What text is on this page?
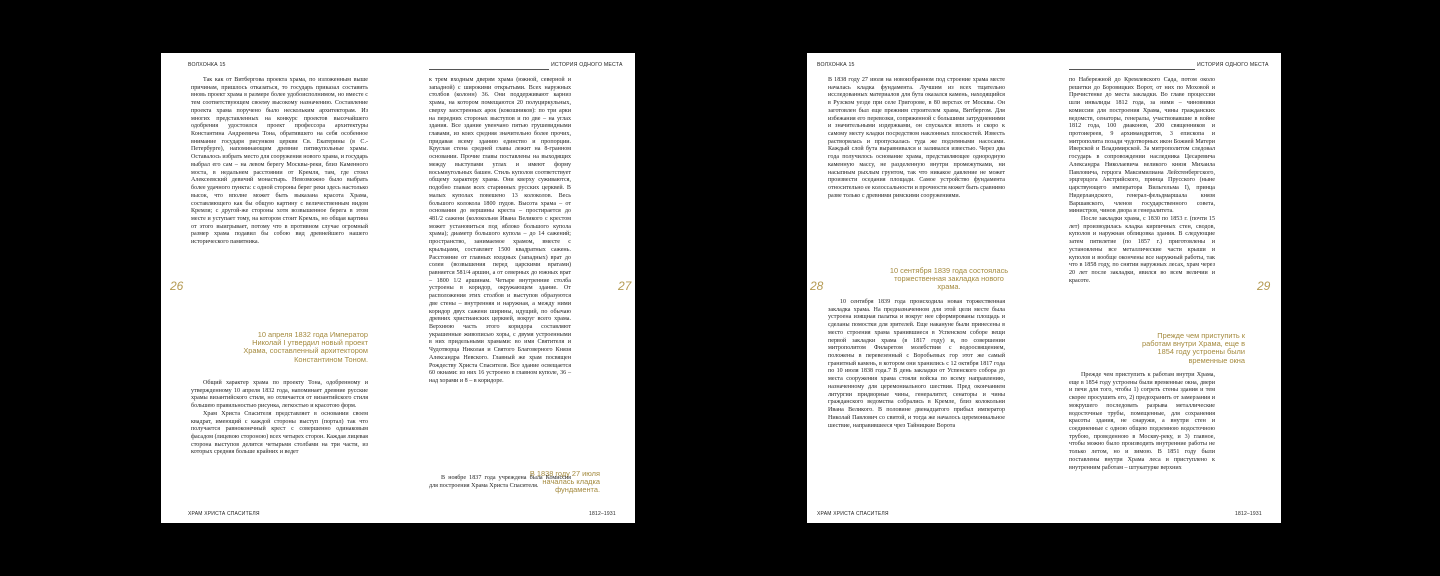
ВОЛХОНКА 15	ИСТОРИЯ ОДНОГО МЕСТА

Так как от Витбергова проекта храма, по изложенным выше причинам, пришлось отказаться, то государь приказал составить вновь проект храма в размере более удобоисполнимом, но вместе с тем соответствующем своему высокому назначению. Составление проекта храма поручено было нескольким архитекторам. Из многих представленных на конкурс проектов высочайшего одобрения удостоился проект профессора архитектуры Константина Андреевича Тона, обратившего на себя особенное внимание государя рисунком церкви Св. Екатерины (в С.-Петербурге), напоминающим древние пятикупольные храмы. Оставалось избрать место для сооружения нового храма, и государь выбрал его сам – на левом берегу Москвы-реки, близ Каменного моста, в недальнем расстоянии от Кремля, там, где стоял Алексеевский девичий монастырь. Невозможно было выбрать более удачного пункта: с одной стороны берег реки здесь настолько высок, что вполне может быть выказана красота Храма, составляющего как бы общую картину с величественным видом Кремля; с другой-же стороны хотя возвышенное берега в этом месте и уступает тому, на котором стоит Кремль, но общая картина от этого выигрывает, потому что в противном случае огромный размер храма подавил бы собою вид древнейшего нашего исторического памятника.

10 апреля 1832 года Император Николай I утвердил новый проект Храма, составленный архитектором Константином Тоном.

Общий характер храма по проекту Тона, одобренному и утвержденному 10 апреля 1832 года, напоминает древние русские храмы византийского стиля, но отличается от византийского стиля большею правильностью рисунка, легкостью и красотою форм.

Храм Христа Спасителя представляет в основании своем квадрат, имеющий с каждой стороны выступ (портал) так что получается равноконечный крест с совершенно одинаковым фасадом (лицевою стороною) всех четырех сторон. Каждая лицевая сторона выступов делится четырьмя столбами на три части, из которых средняя больше крайних и ведет

к трем входным дверям храма (южной, северной и западной) с широкими открытыми. Всех наружных столбов (колонн) 36. Они поддерживают карниз храма, на котором помещаются 20 полуциркульных, сверху заостренных арок (кокошников): по три арки на передних сторонах выступов и по две – на углах здания. Все здание увенчано пятью грушевидными главами, из коих средняя значительно более прочих, придавая всему зданию единство и пропорции. Круглая стена средней главы лежит на 8-гранном основании. Прочие главы поставлены на выходящих между выступами углах и имеют форму восьмиугольных башен. Стиль куполов соответствует общему характеру храма. Они кверху суживаются, подобно главам всех старинных русских церквей. В малых куполах повешено 13 колоколов. Весь большого колокола 1800 пудов. Высота храма – от основания до вершины креста – простирается до 481/2 сажени (колокольня Ивана Великого с крестом может установиться под яблоко большого купола храма); диаметр большого купола – до 14 сажений; пространство, занимаемое храмом, вместе с крыльцами, составляет 1500 квадратных сажень. Расстояние от главных входных (западных) врат до солеи (возвышения перед царскими вратами) равняется 581/4 аршин, а от северных до южных врат – 1800 1/2 аршинам. Четыре внутренние столба устроены в коридор, окружающем здание. От расположения этих столбов и выступов образуются две стены – внутренняя и наружная, а между ними коридор двух сажени ширины, идущий, по обычаю древних христианских церквей, вокруг всего храма. Верхнюю часть этого коридора составляют украшенные живописью хоры, с двумя устроенными в них придельными храмами: во имя Святителя и Чудотворца Николая и Святого Благоверного Князя Александра Невского. Главный же храм посвящен Рождеству Христа Спасителя. Все здание освещается 60 окнами: из них 16 устроено в главном куполе, 36 – над хорами и 8 – в коридоре.

В 1838 году 27 июля началась кладка фундамента.

В ноябре 1837 года учреждена была Комиссия для построения Храма Христа Спасителя.

26	27
ХРАМ ХРИСТА СПАСИТЕЛЯ	1812–1931
ВОЛХОНКА 15	ИСТОРИЯ ОДНОГО МЕСТА

В 1838 году 27 июля на новоизбранном под строение храма месте началась кладка фундамента. Лучшим из всех тщательно исследованных материалов для бута оказался камень, находящийся в Рузском уезде при селе Григорове, в 80 верстах от Москвы. Он заготовлен был еще прежним строителем храма, Витбергом. Для избежания его перевозки, сопряженной с большими затруднениями и значительными издержками, он спускался вплоть и скоро к самому месту кладки посредством наклонных плоскостей. Известь растворялась и пропускалась туда же подземными насосами. Каждый слой бута выравнивался и заливался известью. Через два года получилось основание храма, представляющее однородную каменную массу, не разделенную внутри промежутками, ни насыпным рыхлым грунтом, так что никакое давление не может произвести оседания площади. Самое устройство фундамента относительно ее колоссальности и прочности может быть сравнимо разве только с древними римскими сооружениями.

10 сентября 1839 года состоялась торжественная закладка нового храма.

10 сентября 1839 года происходила новая торжественная закладка храма. На предназначенном для этой цели месте была устроена изящная палатка и вокруг нее сформированы площадь и сделаны помостки для зрителей. Еще накануне были принесены в место строения храма хранившиеся в Успенском соборе вещи первой закладки храма (в 1817 году) и, по совершении митрополитом Филаретом молебствия с водоосвящением, положены в перевезенный с Воробьевых гор этот же самый гранитный камень, в котором они хранились с 12 октября 1817 года по 10 июля 1838 года.7 В день закладки от Успенского собора до места сооружения храма стояли войска по всему направлению, назначенному для церемониального шествия. Пред окончанием литургии придворные чины, генералитет, сенаторы и чины гражданского ведомства собрались в Кремле, близ колокольни Ивана Великого. В половине двенадцатого прибыл император Николай Павлович со свитой, и тогда же началось церемониальное шествие, направившееся чрез Тайницкие Ворота

по Набережной до Кремлевского Сада, потом около решетки до Боровицких Ворот, от них по Моховой и Пречистенке до места закладки. Во главе процессии шли инвалиды 1812 года, за ними – чиновники комиссии для построения Храма, чины гражданских ведомств, сенаторы, генералы, участвовавшие в войне 1812 года, 100 диаконов, 200 священников и протоиереев, 9 архимандритов, 3 епископа и митрополита позади чудотворных икон Божией Матери Иверской и Владимирской. За митрополитом следовал государь в сопровождении наследника Цесаревича Александра Николаевича великого князя Михаила Павловича, герцога Максимилиана Лейхтенбергского, эрцгерцога Австрийского, принца Прусского (ныне царствующего императора Вильгельма I), принца Нидерландского, генерал-фельдмаршала князя Варшавского, членов государственного совета, министров, чинов двора и генералитета.

После закладки храма, с 1830 по 1853 г. (почти 15 лет) производилась кладка кирпичных стен, сводов, куполов и наружная облицовка здания. В следующие затем пятилетие (по 1857 г.) приготовлены и установлены все металлические части крыши и куполов и вообще окончены все наружный работы, так что в 1858 году, по снятии наружных лесах, храм через 20 лет после закладки, явился во всем величии и красоте.

Прежде чем приступить к работам внутри Храма, еще в 1854 году устроены были временные окна

Прежде чем приступить к работам внутри Храма, еще в 1854 году устроены были временные окна, двери и печи для того, чтобы 1) согреть стены здания и тем скорее просушить его, 2) предохранить от замерзания и мокрушего последовать разрыва металлические водосточные трубы, помещенные, для сохранения красоты здания, не снаружи, а внутри стен и соединенные с одною общею подземною водосточною трубою, проведенною в Москву-реку, и 3) главное, чтобы можно было производить внутренние работы не только летом, но и зимою. В 1851 году были поставлены внутри Храма леса и приступлено к внутренним работам – штукатурке верхних

28	29
ХРАМ ХРИСТА СПАСИТЕЛЯ	1812–1931
